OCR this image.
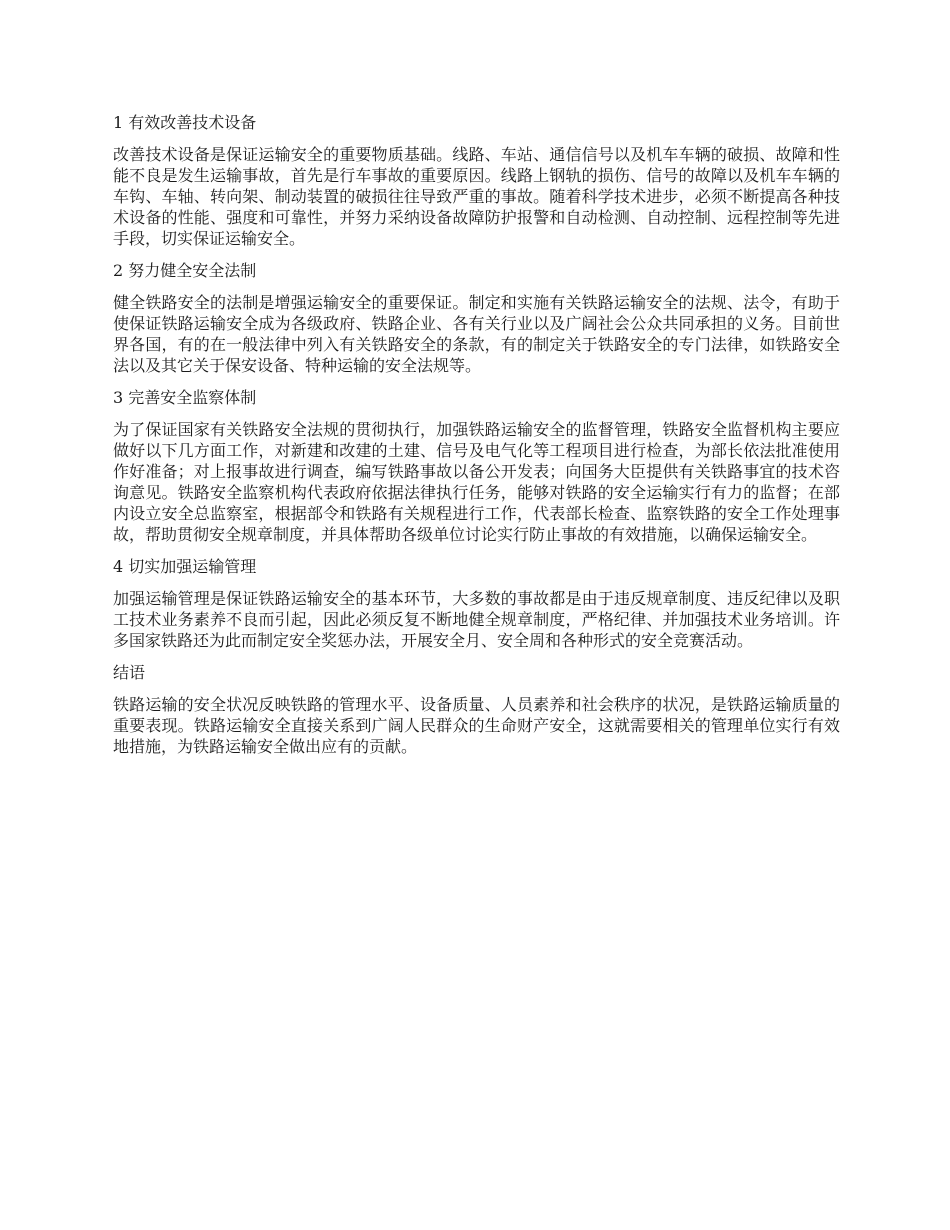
1 有效改善技术设备

改善技术设备是保证运输安全的重要物质基础。线路、车站、通信信号以及机车车辆的破损、故障和性能不良是发生运输事故，首先是行车事故的重要原因。线路上钢轨的损伤、信号的故障以及机车车辆的车钩、车轴、转向架、制动装置的破损往往导致严重的事故。随着科学技术进步，必须不断提高各种技术设备的性能、强度和可靠性，并努力采纳设备故障防护报警和自动检测、自动控制、远程控制等先进手段，切实保证运输安全。

2 努力健全安全法制

健全铁路安全的法制是增强运输安全的重要保证。制定和实施有关铁路运输安全的法规、法令，有助于使保证铁路运输安全成为各级政府、铁路企业、各有关行业以及广阔社会公众共同承担的义务。目前世界各国，有的在一般法律中列入有关铁路安全的条款，有的制定关于铁路安全的专门法律，如铁路安全法以及其它关于保安设备、特种运输的安全法规等。

3 完善安全监察体制

为了保证国家有关铁路安全法规的贯彻执行，加强铁路运输安全的监督管理，铁路安全监督机构主要应做好以下几方面工作，对新建和改建的土建、信号及电气化等工程项目进行检查，为部长依法批准使用作好准备；对上报事故进行调查，编写铁路事故以备公开发表；向国务大臣提供有关铁路事宜的技术咨询意见。铁路安全监察机构代表政府依据法律执行任务，能够对铁路的安全运输实行有力的监督；在部内设立安全总监察室，根据部令和铁路有关规程进行工作，代表部长检查、监察铁路的安全工作处理事故，帮助贯彻安全规章制度，并具体帮助各级单位讨论实行防止事故的有效措施，以确保运输安全。

4 切实加强运输管理

加强运输管理是保证铁路运输安全的基本环节，大多数的事故都是由于违反规章制度、违反纪律以及职工技术业务素养不良而引起，因此必须反复不断地健全规章制度，严格纪律、并加强技术业务培训。许多国家铁路还为此而制定安全奖惩办法，开展安全月、安全周和各种形式的安全竞赛活动。

结语

铁路运输的安全状况反映铁路的管理水平、设备质量、人员素养和社会秩序的状况，是铁路运输质量的重要表现。铁路运输安全直接关系到广阔人民群众的生命财产安全，这就需要相关的管理单位实行有效地措施，为铁路运输安全做出应有的贡献。
